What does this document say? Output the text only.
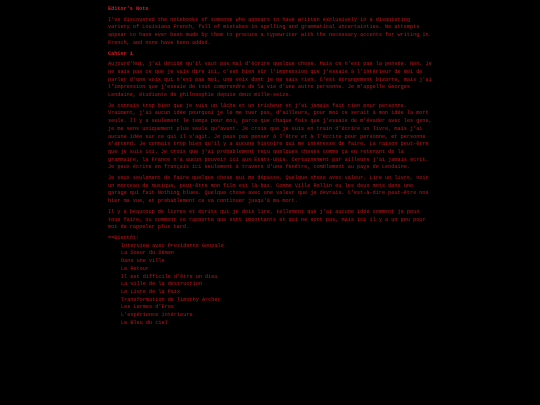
Editor's Note

I've discovered the notebooks of someone who appears to have written exclusively in a disquieting variety of Louisiana French, full of mistakes in spelling and grammatical uncertainties. No attempts appear to have ever been made by them to procure a typewriter with the necessary accents for writing in French, and none have been added.

Cahier 1

Aujourd'hui, j'ai décidé qu'il vaut pas mal d'écrire quelque chose. Mais ce n'est pas la pensée. Non. Je ne sais pas ce que je vais dire ici, c'est bien sûr l'impression que j'essaie à l'intérieur de moi de parler d'une voix qui n'est pas moi, une voix dont je ne sais rien. C'est étrangement bizarre, mais j'ai l'impression que j'essaie de tout comprendre de la vie d'une autre personne. Je m'appelle Georges Lendaine, étudiante de philosophie depuis deux mille-seize.

Je connais trop bien que je suis un lâche et un tricheur et j'ai jamais fait rien pour personne. Vraiment, j'ai aucun idée pourquoi je le me tuer pas, d'ailleurs, pour moi ce serait à mon idée la mort seule. Il y a seulement le temps pour moi, parce que chaque fois que j'essaie de m'évader avec les gens, je me sens uniquement plus seule qu'avant. Je crois que je suis en train d'écrire un livre, mais j'ai aucune idée sur ce qui il s'agit. Je peux pas penser à l'être et à l'écrire pour personne, et personne s'attend. Je connais trop bien qu'il y a aucune histoire qui me intéresse de faire. La raison peut-être que je suis ici. Je crois que j'ai probablement reçu quelques choses comme ça en retenant de la grammaire, la France n'a aucun pouvoir ici aux Etats-Unis. Certainement par ailleurs j'ai jamais écrit. Je peux écrire en français ici seulement à travers d'une fenêtre, comblement au pays de Lendaine.

Je veux seulement de faire quelque chose qui me dépasse. Quelque chose avec valeur. Lire un livre, voir un morceau de musique, peut-être mon film est là-bas. Comme Ville Rollin ou les deux mots dans une garage qui fait Nothing blues. Quelque chose avec une valeur que je devrais. C'est-à-dire peut-être nos hier ma vue, et probablement ce va continuer jusqu'à ma mort.

Il y a beaucoup de livres et écrits qui je dois lire, tellement que j'ai aucune idée comment je peux tous faire, ou comment ce rapporte que sont importants et qui ne sont pas, mais ici il y a un peu pour moi de rappeler plus tard.

==Bientôt:

Interview avec Presidente Gonzalo
La Soeur du Démon
Dans une ville
Le Retour
Il est difficile d'être un dieu
La ville de la destruction
Le Livre de la Paix
Transformation de Timothy Archer
Les Larmes d'Eros
L'expérience intérieure
Le Bleu du ciel
